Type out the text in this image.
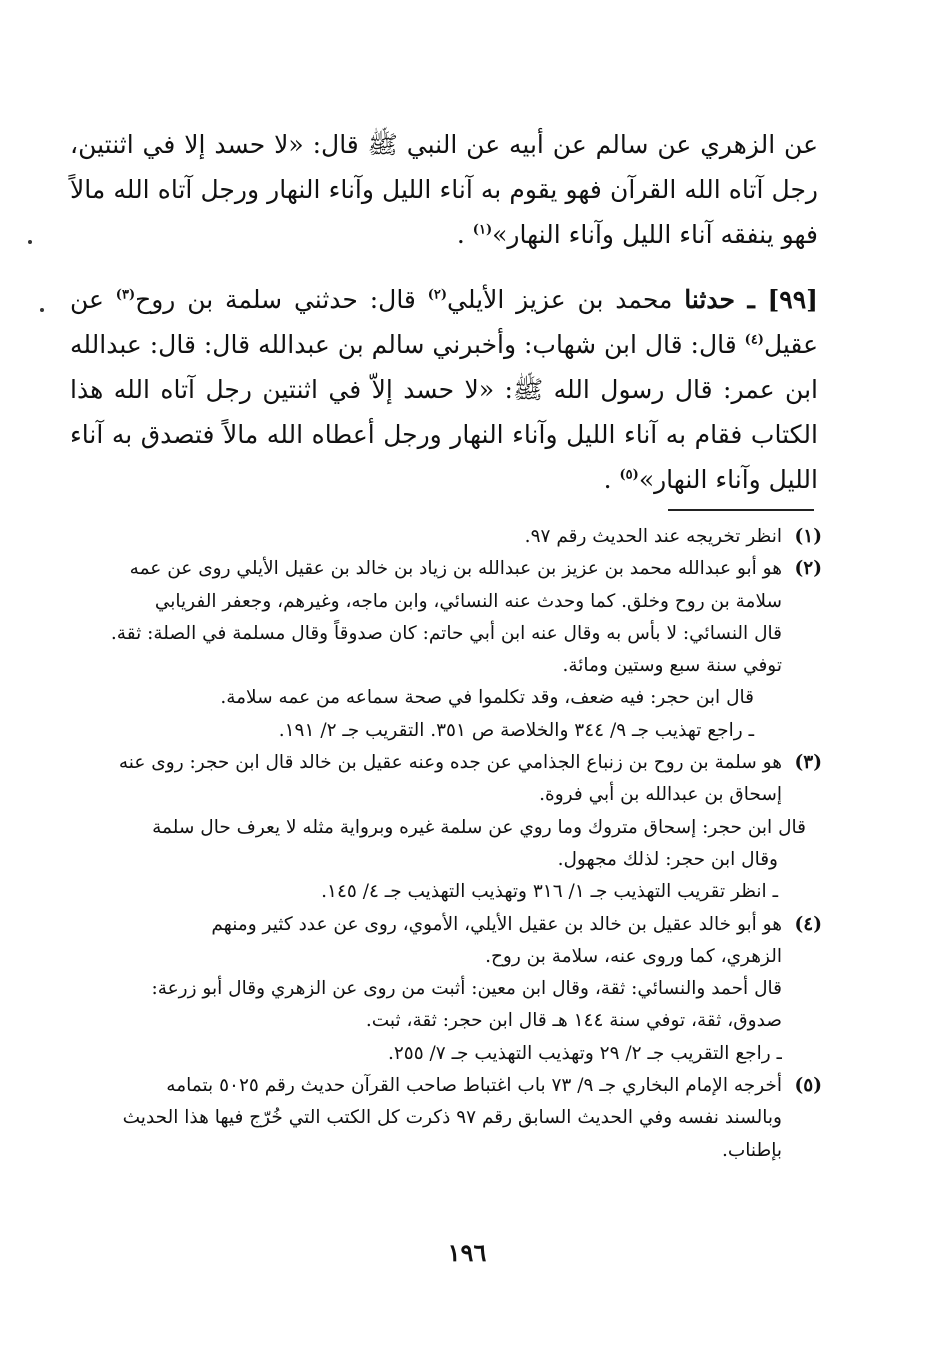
عن الزهري عن سالم عن أبيه عن النبي ﷺ قال: «لا حسد إلا في اثنتين، رجل آتاه الله القرآن فهو يقوم به آناء الليل وآناء النهار ورجل آتاه الله مالاً فهو ينفقه آناء الليل وآناء النهار»$^{(١)}$ .

[٩٩] ـ حدثنا محمد بن عزيز الأيلي$^{(٢)}$ قال: حدثني سلمة بن روح$^{(٣)}$ عن عقيل$^{(٤)}$ قال: قال ابن شهاب: وأخبرني سالم بن عبدالله قال: قال: عبدالله ابن عمر: قال رسول الله ﷺ: «لا حسد إلاّ في اثنتين رجل آتاه الله هذا الكتاب فقام به آناء الليل وآناء النهار ورجل أعطاه الله مالاً فتصدق به آناء الليل وآناء النهار»$^{(٥)}$ .

(١)
انظر تخريجه عند الحديث رقم ٩٧.
(٢)
هو أبو عبدالله محمد بن عزيز بن عبدالله بن زياد بن خالد بن عقيل الأيلي روى عن عمه
سلامة بن روح وخلق. كما وحدث عنه النسائي، وابن ماجه، وغيرهم، وجعفر الفريابي
قال النسائي: لا بأس به وقال عنه ابن أبي حاتم: كان صدوقاً وقال مسلمة في الصلة: ثقة.
توفي سنة سبع وستين ومائة.
قال ابن حجر: فيه ضعف، وقد تكلموا في صحة سماعه من عمه سلامة.
ـ راجع تهذيب جـ ٩/ ٣٤٤ والخلاصة ص ٣٥١. التقريب جـ ٢/ ١٩١.
(٣)
هو سلمة بن روح بن زنباع الجذامي عن جده وعنه عقيل بن خالد قال ابن حجر: روى عنه
إسحاق بن عبدالله بن أبي فروة.
قال ابن حجر: إسحاق متروك وما روي عن سلمة غيره وبرواية مثله لا يعرف حال سلمة
وقال ابن حجر: لذلك مجهول.
ـ انظر تقريب التهذيب جـ ١/ ٣١٦ وتهذيب التهذيب جـ ٤/ ١٤٥.
(٤)
هو أبو خالد عقيل بن خالد بن عقيل الأيلي، الأموي، روى عن عدد كثير ومنهم
الزهري، كما وروى عنه، سلامة بن روح.
قال أحمد والنسائي: ثقة، وقال ابن معين: أثبت من روى عن الزهري وقال أبو زرعة:
صدوق، ثقة، توفي سنة ١٤٤ هـ قال ابن حجر: ثقة، ثبت.
ـ راجع التقريب جـ ٢/ ٢٩ وتهذيب التهذيب جـ ٧/ ٢٥٥.
(٥)
أخرجه الإمام البخاري جـ ٩/ ٧٣ باب اغتباط صاحب القرآن حديث رقم ٥٠٢٥ بتمامه
وبالسند نفسه وفي الحديث السابق رقم ٩٧ ذكرت كل الكتب التي خُرّج فيها هذا الحديث
بإطناب.
١٩٦
